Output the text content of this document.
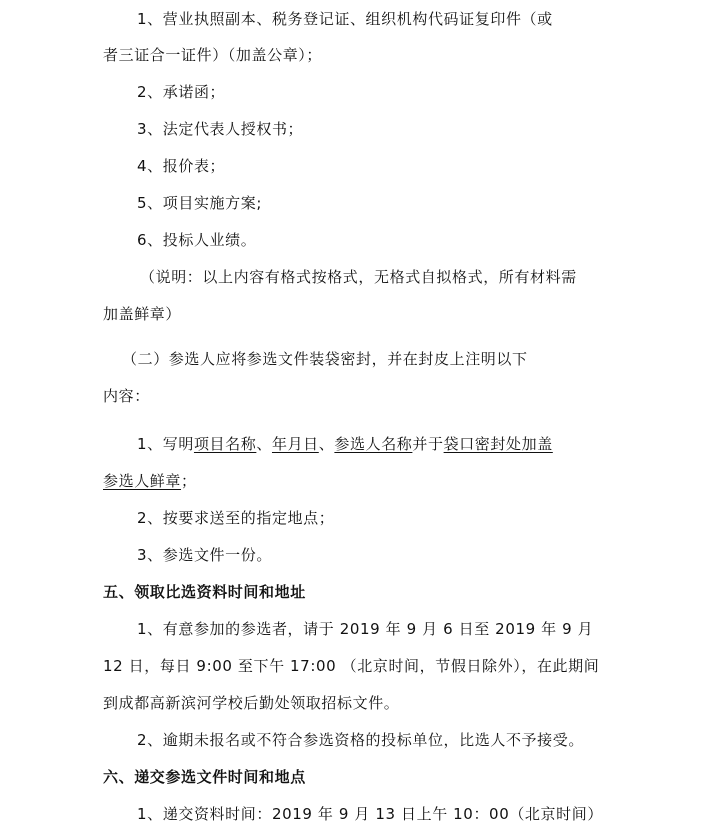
1、营业执照副本、税务登记证、组织机构代码证复印件（或
者三证合一证件）（加盖公章）；
2、承诺函；
3、法定代表人授权书；
4、报价表；
5、项目实施方案;
6、投标人业绩。
（说明：以上内容有格式按格式，无格式自拟格式，所有材料需
加盖鲜章）
（二）参选人应将参选文件装袋密封，并在封皮上注明以下
内容：
1、写明项目名称、年月日、参选人名称并于袋口密封处加盖
参选人鲜章；
2、按要求送至的指定地点；
3、参选文件一份。
五、领取比选资料时间和地址
1、有意参加的参选者，请于 2019 年 9 月 6 日至 2019 年 9 月
12 日，每日 9:00 至下午 17:00 （北京时间，节假日除外），在此期间
到成都高新滨河学校后勤处领取招标文件。
2、逾期未报名或不符合参选资格的投标单位，比选人不予接受。
六、递交参选文件时间和地点
1、递交资料时间：2019 年 9 月 13 日上午 10：00（北京时间）
